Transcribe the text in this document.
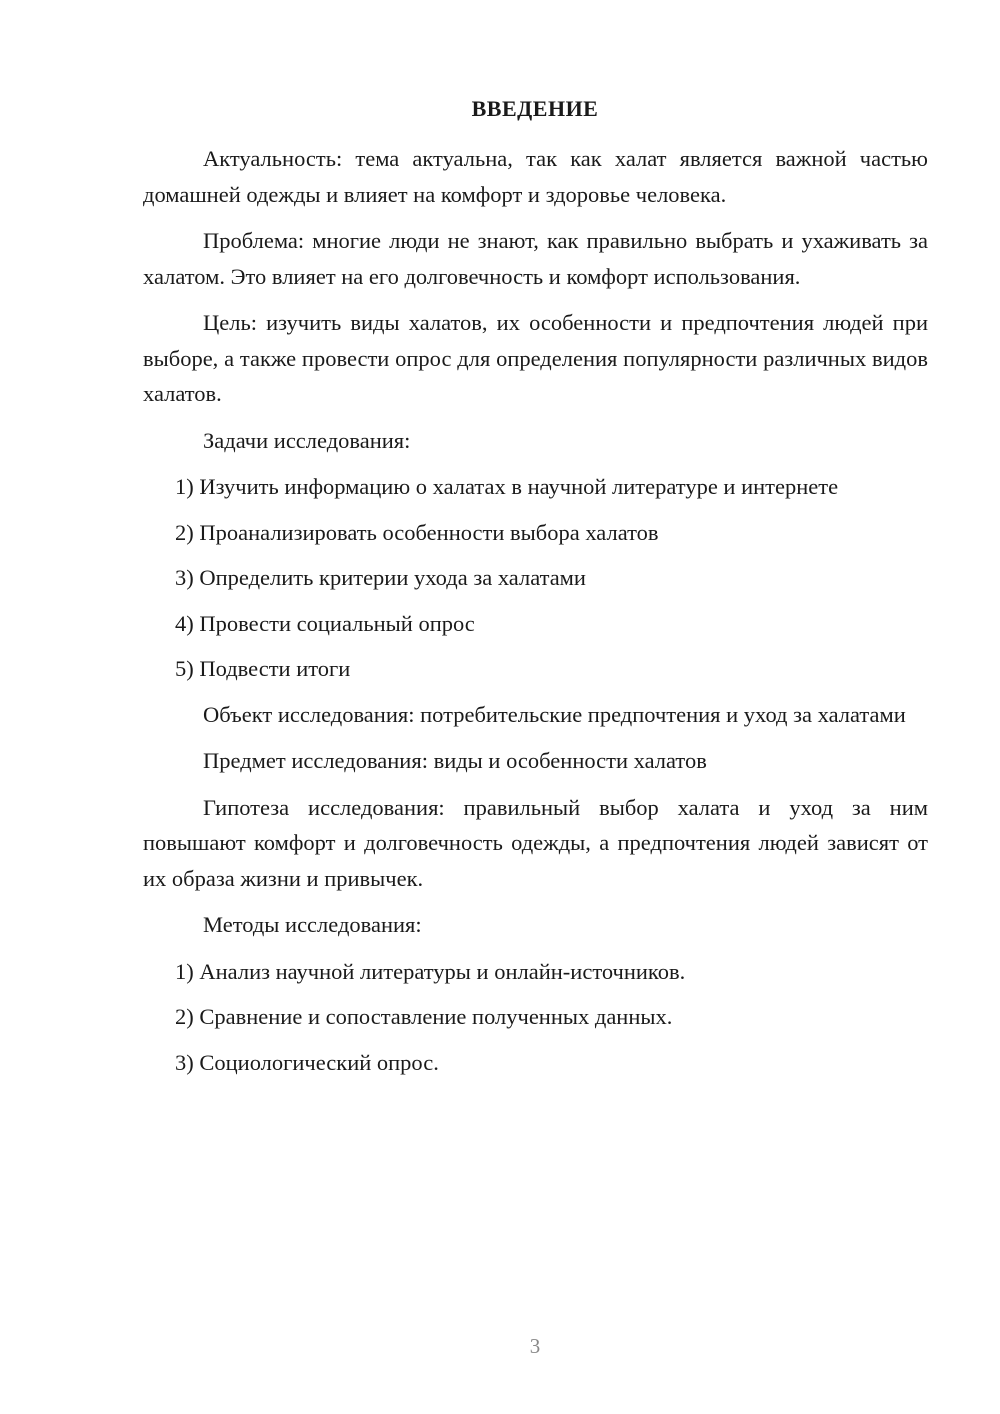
ВВЕДЕНИЕ

Актуальность: тема актуальна, так как халат является важной частью домашней одежды и влияет на комфорт и здоровье человека.

Проблема: многие люди не знают, как правильно выбрать и ухаживать за халатом. Это влияет на его долговечность и комфорт использования.

Цель: изучить виды халатов, их особенности и предпочтения людей при выборе, а также провести опрос для определения популярности различных видов халатов.

Задачи исследования:

1) Изучить информацию о халатах в научной литературе и интернете
2) Проанализировать особенности выбора халатов
3) Определить критерии ухода за халатами
4) Провести социальный опрос
5) Подвести итоги

Объект исследования: потребительские предпочтения и уход за халатами

Предмет исследования: виды и особенности халатов

Гипотеза исследования: правильный выбор халата и уход за ним повышают комфорт и долговечность одежды, а предпочтения людей зависят от их образа жизни и привычек.

Методы исследования:

1) Анализ научной литературы и онлайн-источников.
2) Сравнение и сопоставление полученных данных.
3) Социологический опрос.
3
